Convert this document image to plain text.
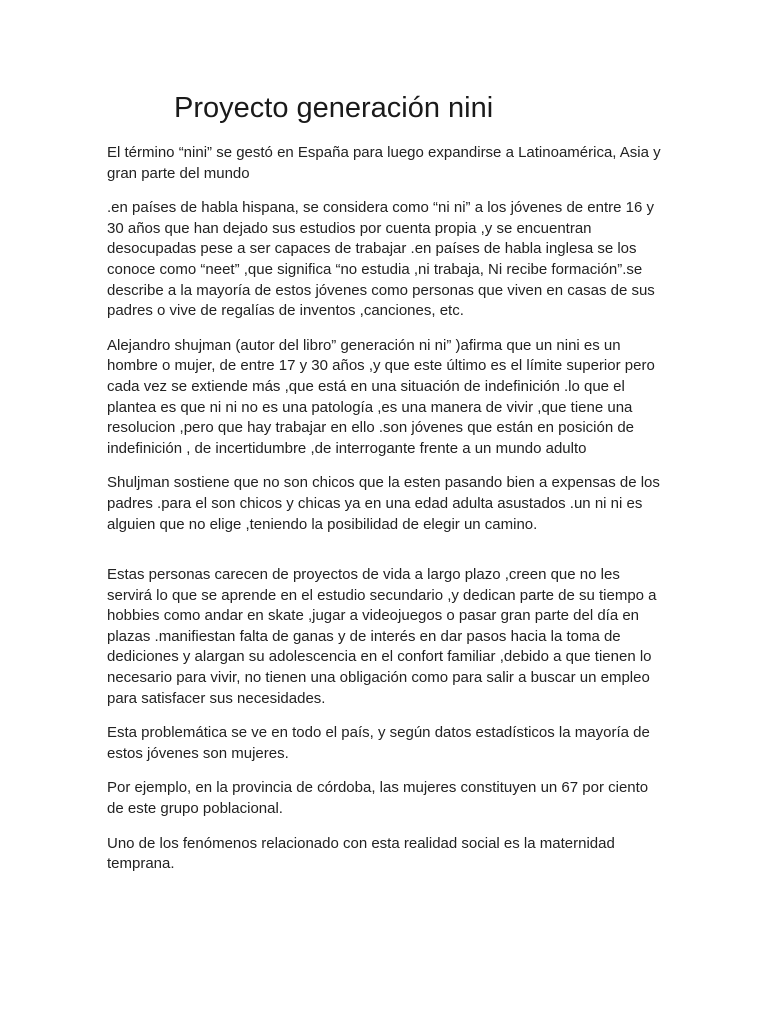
Proyecto generación nini

El término “nini” se gestó en España para luego expandirse a Latinoamérica, Asia y gran parte del mundo

.en países de habla hispana, se considera como “ni ni” a los jóvenes de entre 16 y 30 años que han dejado sus estudios por cuenta propia ,y se encuentran desocupadas pese a ser capaces de trabajar .en países de habla inglesa se los conoce como “neet” ,que significa “no estudia ,ni trabaja, Ni recibe formación”.se describe a la mayoría de estos jóvenes como personas que viven en casas de sus padres o vive de regalías de inventos ,canciones, etc.

Alejandro shujman (autor del libro” generación ni ni” )afirma que un nini es un hombre o mujer, de entre 17 y 30 años ,y que este último es el límite superior pero cada vez se extiende más ,que está en una situación de indefinición .lo que el plantea es que ni ni no es una patología ,es una manera de vivir ,que tiene una resolucion ,pero que hay trabajar en ello .son jóvenes que están en posición de indefinición , de incertidumbre ,de interrogante frente a un mundo adulto

Shuljman sostiene que no son chicos que la esten pasando bien a expensas de los padres .para el son chicos y chicas ya en una edad adulta asustados .un ni ni es alguien que no elige ,teniendo la posibilidad de elegir un camino.

Estas personas carecen de proyectos de vida a largo plazo ,creen que no les servirá lo que se aprende en el estudio secundario ,y dedican parte de su tiempo a hobbies como andar en skate ,jugar a videojuegos o pasar gran parte del día en plazas .manifiestan falta de ganas y de interés en dar pasos hacia la toma de dediciones y alargan su adolescencia en el confort familiar ,debido a que tienen lo necesario para vivir, no tienen una obligación como para salir a buscar un empleo para satisfacer sus necesidades.

Esta problemática se ve en todo el país, y según datos estadísticos la mayoría de estos jóvenes son mujeres.

Por ejemplo, en la provincia de córdoba, las mujeres constituyen un 67 por ciento de este grupo poblacional.

Uno de los fenómenos relacionado con esta realidad social es la maternidad temprana.
